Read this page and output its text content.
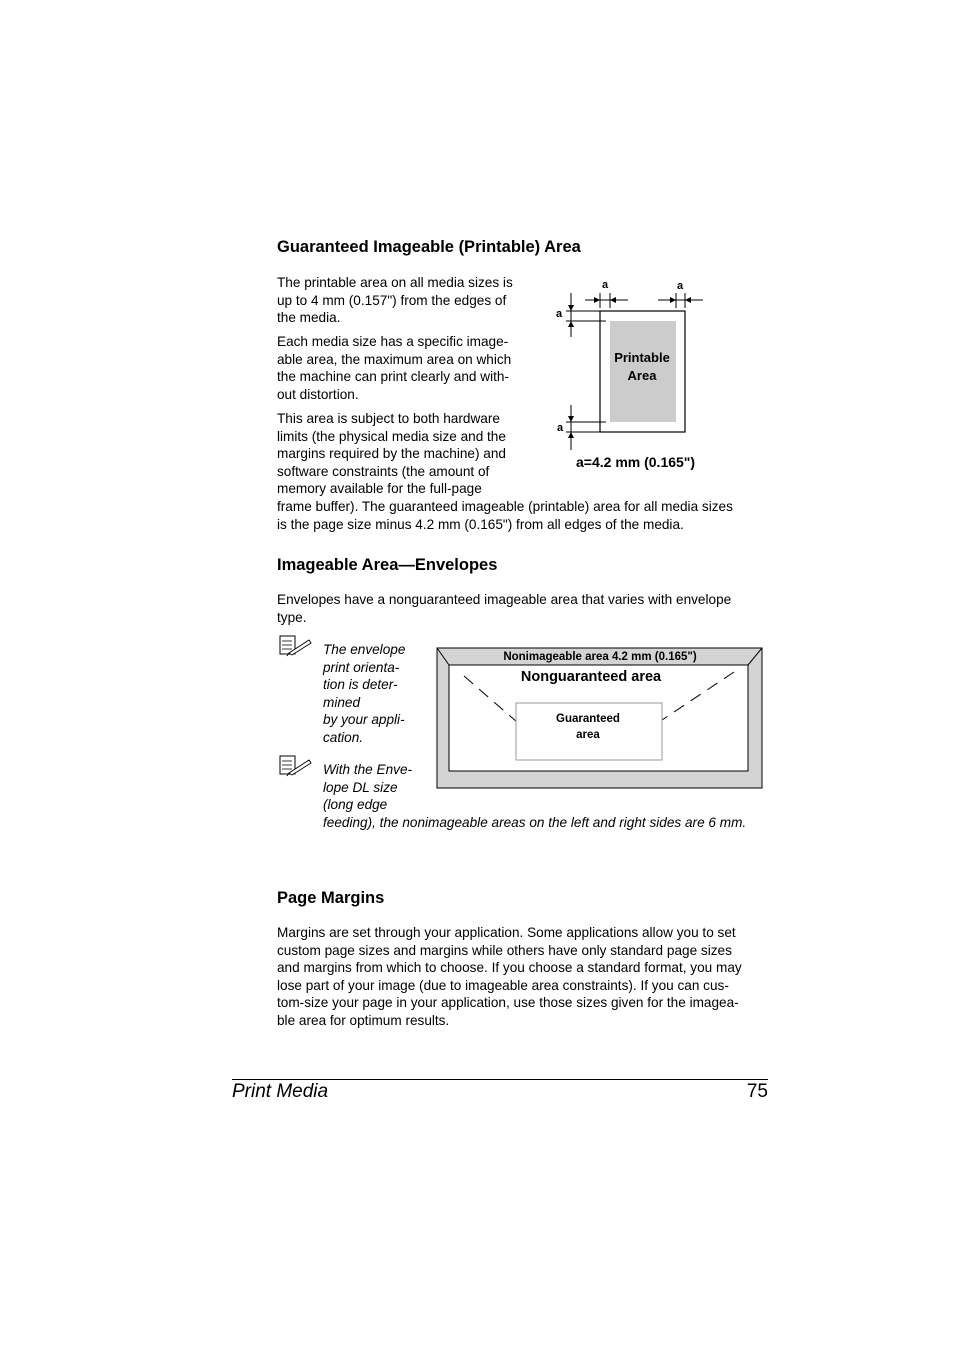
Guaranteed Imageable (Printable) Area
The printable area on all media sizes is
up to 4 mm (0.157") from the edges of
the media.
Each media size has a specific image-
able area, the maximum area on which
the machine can print clearly and with-
out distortion.
This area is subject to both hardware
limits (the physical media size and the
margins required by the machine) and
software constraints (the amount of
memory available for the full-page
frame buffer). The guaranteed imageable (printable) area for all media sizes
is the page size minus 4.2 mm (0.165") from all edges of the media.
Printable
Area
a	a
a
a
a=4.2 mm (0.165")
Imageable Area—Envelopes
Envelopes have a nonguaranteed imageable area that varies with envelope
type.
The envelope
print orienta-
tion is deter-
mined
by your appli-
cation.
With the Enve-
lope DL size
(long edge
feeding), the nonimageable areas on the left and right sides are 6 mm.
Nonimageable area 4.2 mm (0.165")
Nonguaranteed area
Guaranteed
area
Page Margins
Margins are set through your application. Some applications allow you to set
custom page sizes and margins while others have only standard page sizes
and margins from which to choose. If you choose a standard format, you may
lose part of your image (due to imageable area constraints). If you can cus-
tom-size your page in your application, use those sizes given for the imagea-
ble area for optimum results.
Print Media	75
